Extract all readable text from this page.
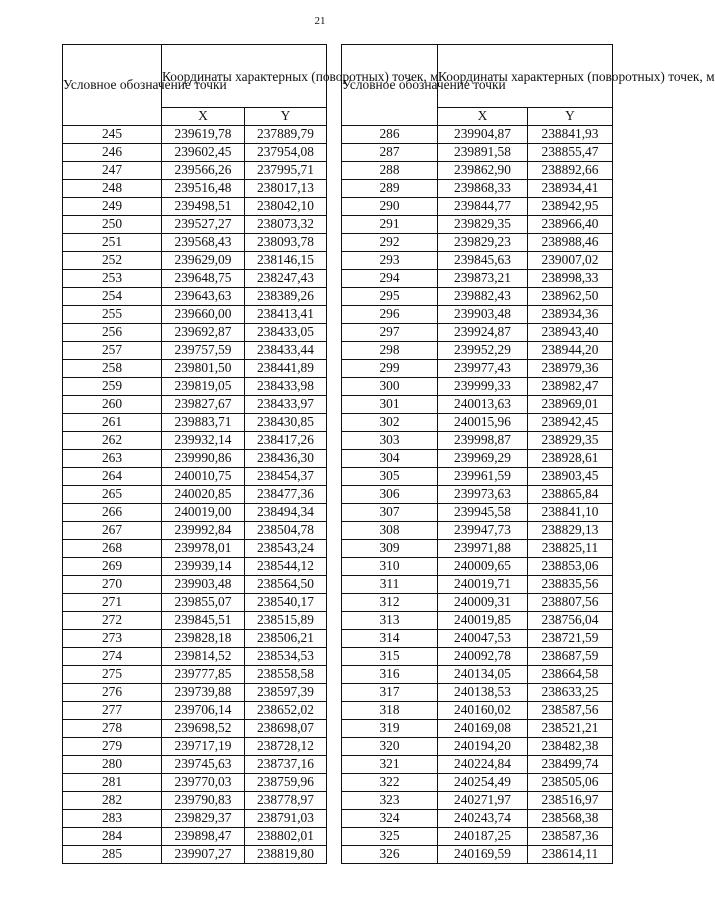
21
Условное обозначение точки	Координаты характерных (поворотных) точек, м	
	X	Y
245	239619,78	237889,79
246	239602,45	237954,08
247	239566,26	237995,71
248	239516,48	238017,13
249	239498,51	238042,10
250	239527,27	238073,32
251	239568,43	238093,78
252	239629,09	238146,15
253	239648,75	238247,43
254	239643,63	238389,26
255	239660,00	238413,41
256	239692,87	238433,05
257	239757,59	238433,44
258	239801,50	238441,89
259	239819,05	238433,98
260	239827,67	238433,97
261	239883,71	238430,85
262	239932,14	238417,26
263	239990,86	238436,30
264	240010,75	238454,37
265	240020,85	238477,36
266	240019,00	238494,34
267	239992,84	238504,78
268	239978,01	238543,24
269	239939,14	238544,12
270	239903,48	238564,50
271	239855,07	238540,17
272	239845,51	238515,89
273	239828,18	238506,21
274	239814,52	238534,53
275	239777,85	238558,58
276	239739,88	238597,39
277	239706,14	238652,02
278	239698,52	238698,07
279	239717,19	238728,12
280	239745,63	238737,16
281	239770,03	238759,96
282	239790,83	238778,97
283	239829,37	238791,03
284	239898,47	238802,01
285	239907,27	238819,80
Условное обозначение точки	Координаты характерных (поворотных) точек, м	
	X	Y
286	239904,87	238841,93
287	239891,58	238855,47
288	239862,90	238892,66
289	239868,33	238934,41
290	239844,77	238942,95
291	239829,35	238966,40
292	239829,23	238988,46
293	239845,63	239007,02
294	239873,21	238998,33
295	239882,43	238962,50
296	239903,48	238934,36
297	239924,87	238943,40
298	239952,29	238944,20
299	239977,43	238979,36
300	239999,33	238982,47
301	240013,63	238969,01
302	240015,96	238942,45
303	239998,87	238929,35
304	239969,29	238928,61
305	239961,59	238903,45
306	239973,63	238865,84
307	239945,58	238841,10
308	239947,73	238829,13
309	239971,88	238825,11
310	240009,65	238853,06
311	240019,71	238835,56
312	240009,31	238807,56
313	240019,85	238756,04
314	240047,53	238721,59
315	240092,78	238687,59
316	240134,05	238664,58
317	240138,53	238633,25
318	240160,02	238587,56
319	240169,08	238521,21
320	240194,20	238482,38
321	240224,84	238499,74
322	240254,49	238505,06
323	240271,97	238516,97
324	240243,74	238568,38
325	240187,25	238587,36
326	240169,59	238614,11
